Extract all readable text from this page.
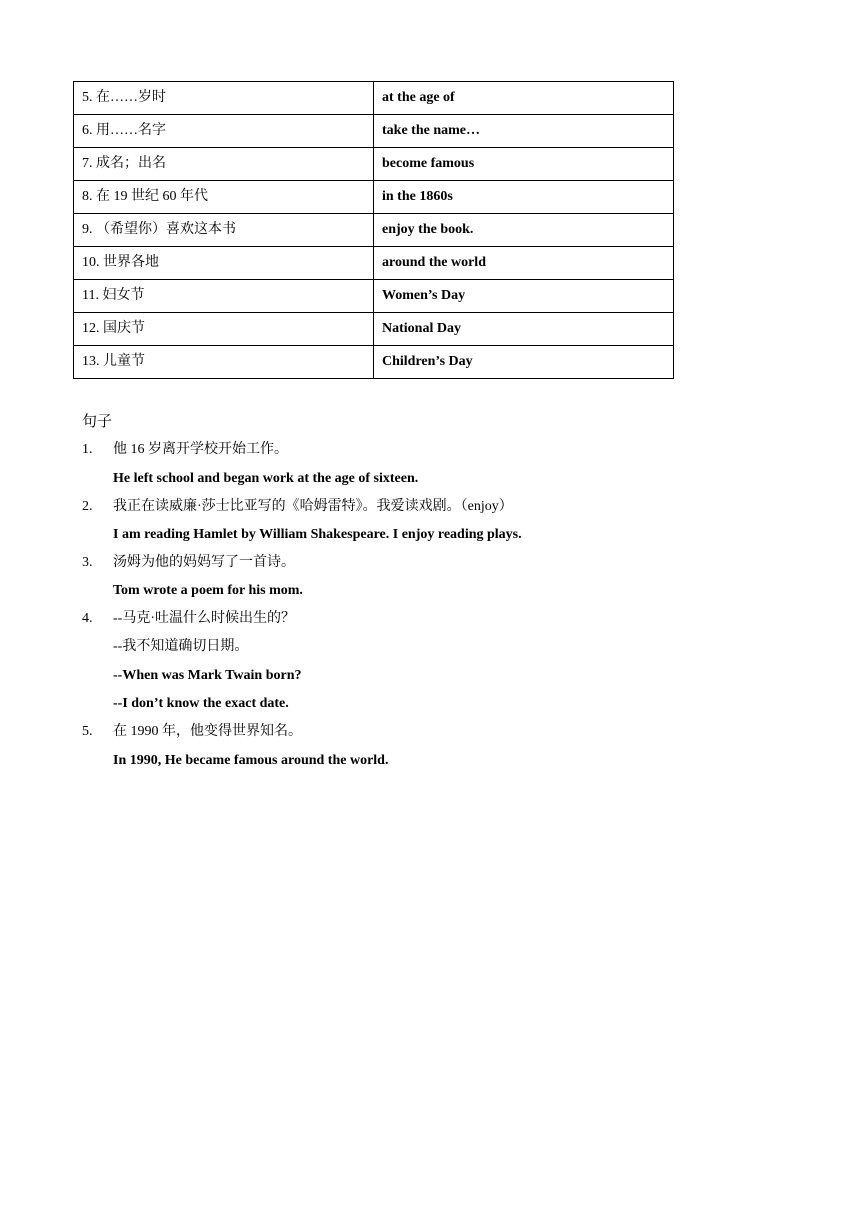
5. 在……岁时	at the age of
6. 用……名字	take the name…
7. 成名；出名	become famous
8. 在 19 世纪 60 年代	in the 1860s
9. （希望你）喜欢这本书	enjoy the book.
10. 世界各地	around the world
11. 妇女节	Women’s Day
12. 国庆节	National Day
13. 儿童节	Children’s Day
句子
1. 他 16 岁离开学校开始工作。
He left school and began work at the age of sixteen.
2. 我正在读威廉·莎士比亚写的《哈姆雷特》。我爱读戏剧。（enjoy）
I am reading Hamlet by William Shakespeare. I enjoy reading plays.
3. 汤姆为他的妈妈写了一首诗。
Tom wrote a poem for his mom.
4. --马克·吐温什么时候出生的？
--我不知道确切日期。
--When was Mark Twain born?
--I don’t know the exact date.
5. 在 1990 年，他变得世界知名。
In 1990, He became famous around the world.
